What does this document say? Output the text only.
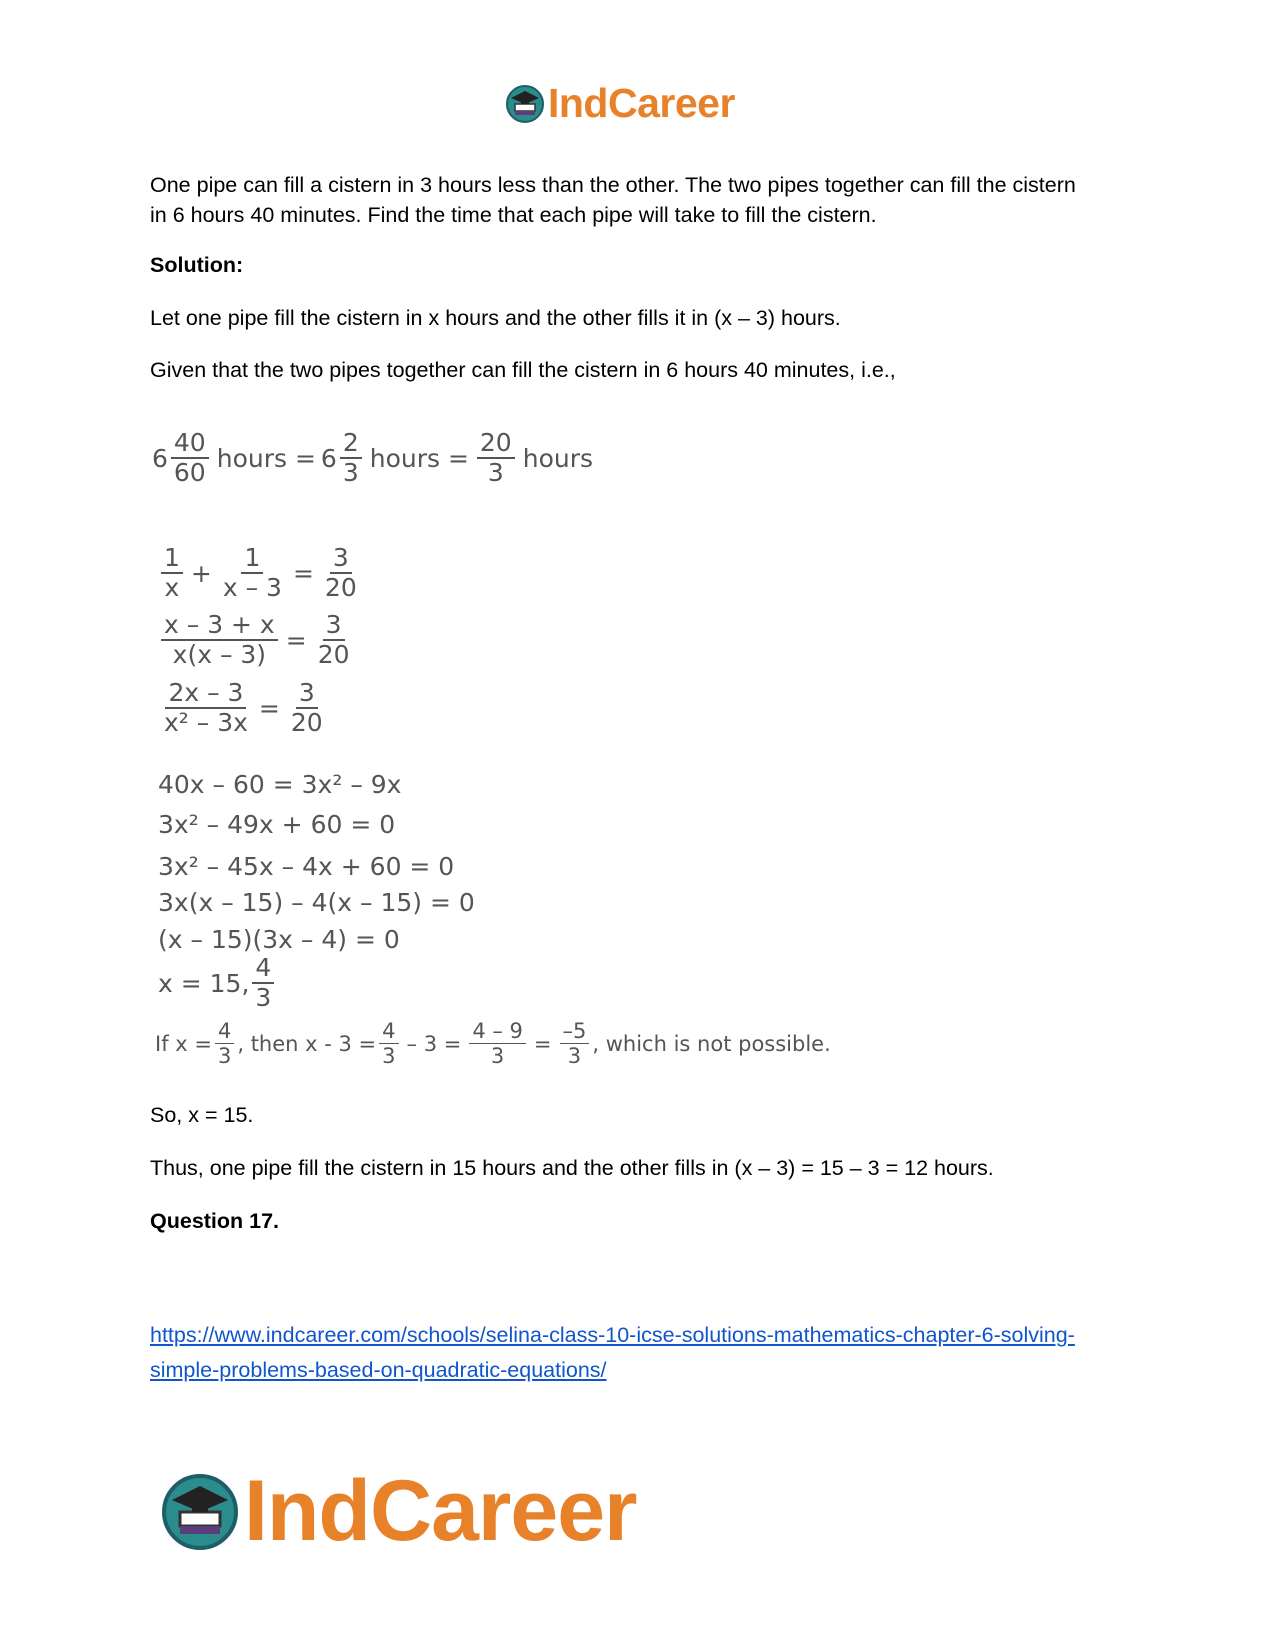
IndCareer
One pipe can fill a cistern in 3 hours less than the other. The two pipes together can fill the cistern in 6 hours 40 minutes. Find the time that each pipe will take to fill the cistern.
Solution:
Let one pipe fill the cistern in x hours and the other fills it in (x – 3) hours.
Given that the two pipes together can fill the cistern in 6 hours 40 minutes, i.e.,
$6 \frac{40}{60}$ hours = $6 \frac{2}{3}$ hours = $\frac{20}{3}$ hours
$\frac{1}{x} + \frac{1}{x - 3} = \frac{3}{20}$
$\frac{x - 3 + x}{x(x - 3)} = \frac{3}{20}$
$\frac{2x - 3}{\text{x² – 3x}} = \frac{3}{20}$
40x – 60 = 3x² – 9x
3x² – 49x + 60 = 0
3x² – 45x – 4x + 60 = 0
3x(x – 15) – 4(x – 15) = 0
(x – 15)(3x – 4) = 0
x = 15, $\frac{4}{3}$
If $x = \frac{4}{3}$ , then $x - 3 = \frac{4}{3} - 3 = \frac{4 - 9}{3} = \frac{-5}{3}$ , which is not possible.
So, x = 15.
Thus, one pipe fill the cistern in 15 hours and the other fills in (x – 3) = 15 – 3 = 12 hours.
Question 17.
https://www.indcareer.com/schools/selina-class-10-icse-solutions-mathematics-chapter-6-solving-simple-problems-based-on-quadratic-equations/
IndCareer
